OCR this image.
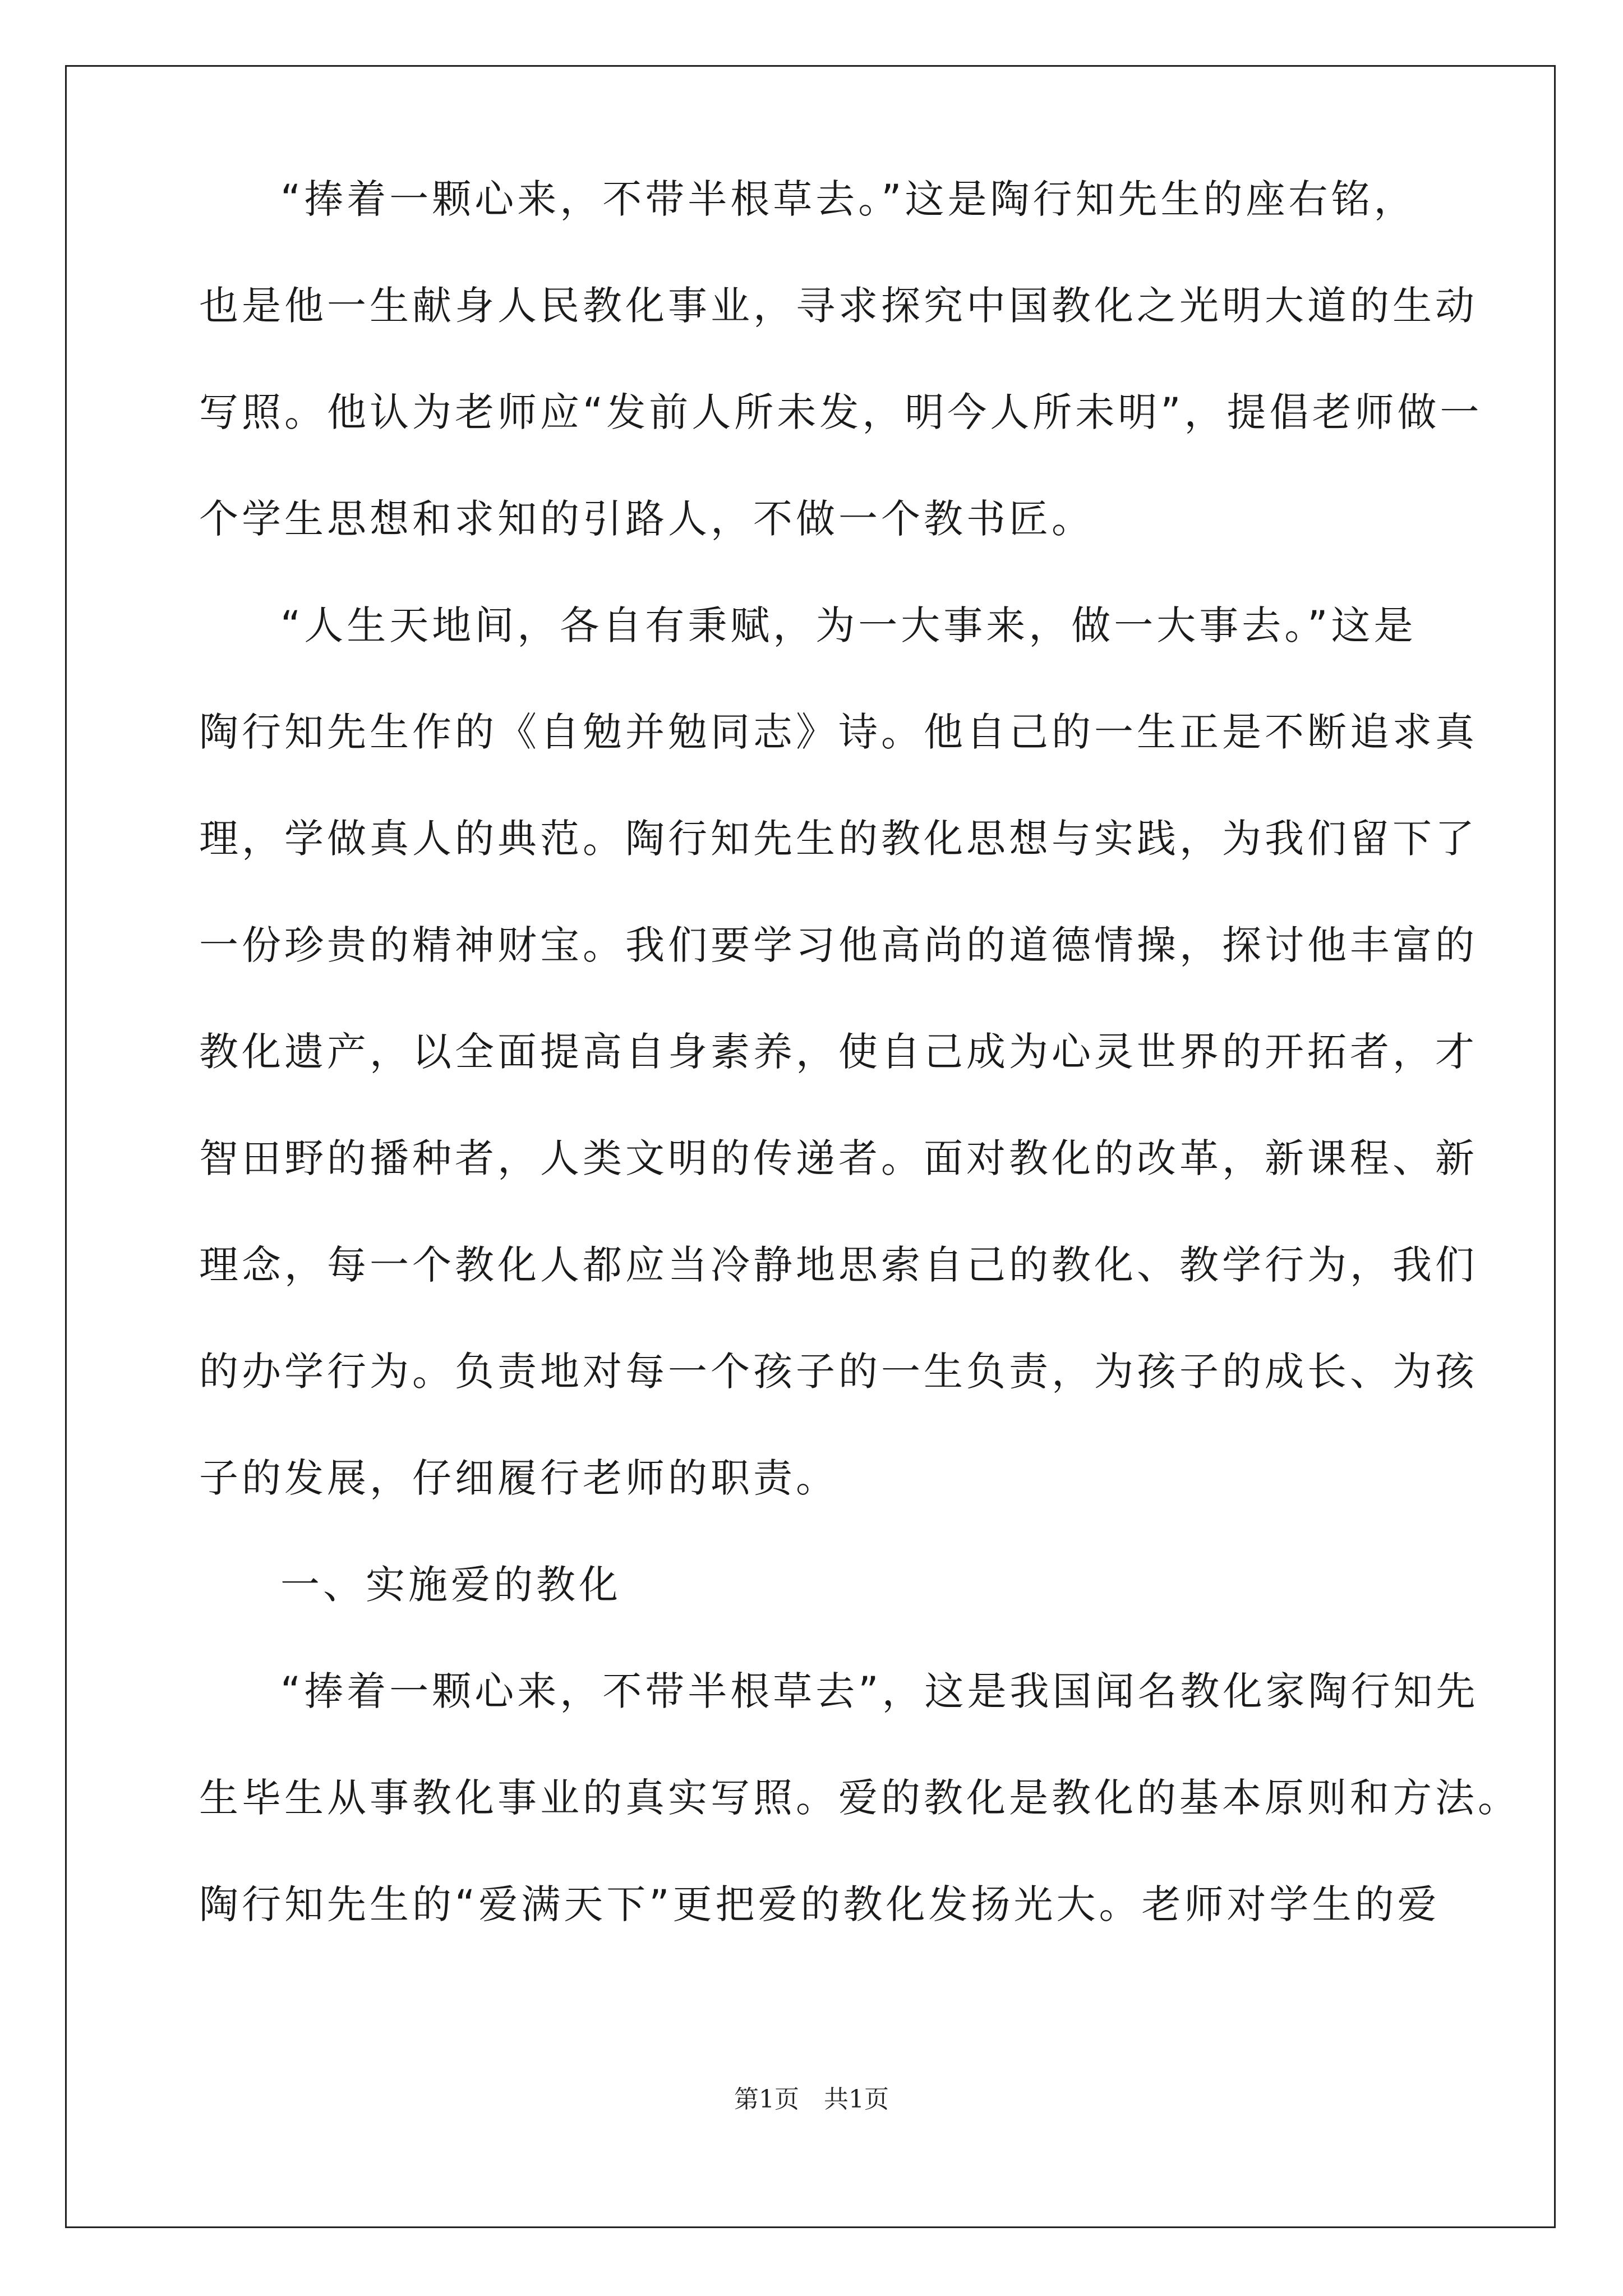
“捧着一颗心来，不带半根草去。”这是陶行知先生的座右铭，
也是他一生献身人民教化事业，寻求探究中国教化之光明大道的生动
写照。他认为老师应“发前人所未发，明今人所未明”，提倡老师做一
个学生思想和求知的引路人，不做一个教书匠。
“人生天地间，各自有秉赋，为一大事来，做一大事去。”这是
陶行知先生作的《自勉并勉同志》诗。他自己的一生正是不断追求真
理，学做真人的典范。陶行知先生的教化思想与实践，为我们留下了
一份珍贵的精神财宝。我们要学习他高尚的道德情操，探讨他丰富的
教化遗产，以全面提高自身素养，使自己成为心灵世界的开拓者，才
智田野的播种者，人类文明的传递者。面对教化的改革，新课程、新
理念，每一个教化人都应当冷静地思索自己的教化、教学行为，我们
的办学行为。负责地对每一个孩子的一生负责，为孩子的成长、为孩
子的发展，仔细履行老师的职责。
一、实施爱的教化
“捧着一颗心来，不带半根草去”，这是我国闻名教化家陶行知先
生毕生从事教化事业的真实写照。爱的教化是教化的基本原则和方法。
陶行知先生的“爱满天下”更把爱的教化发扬光大。老师对学生的爱
第1页 共1页
